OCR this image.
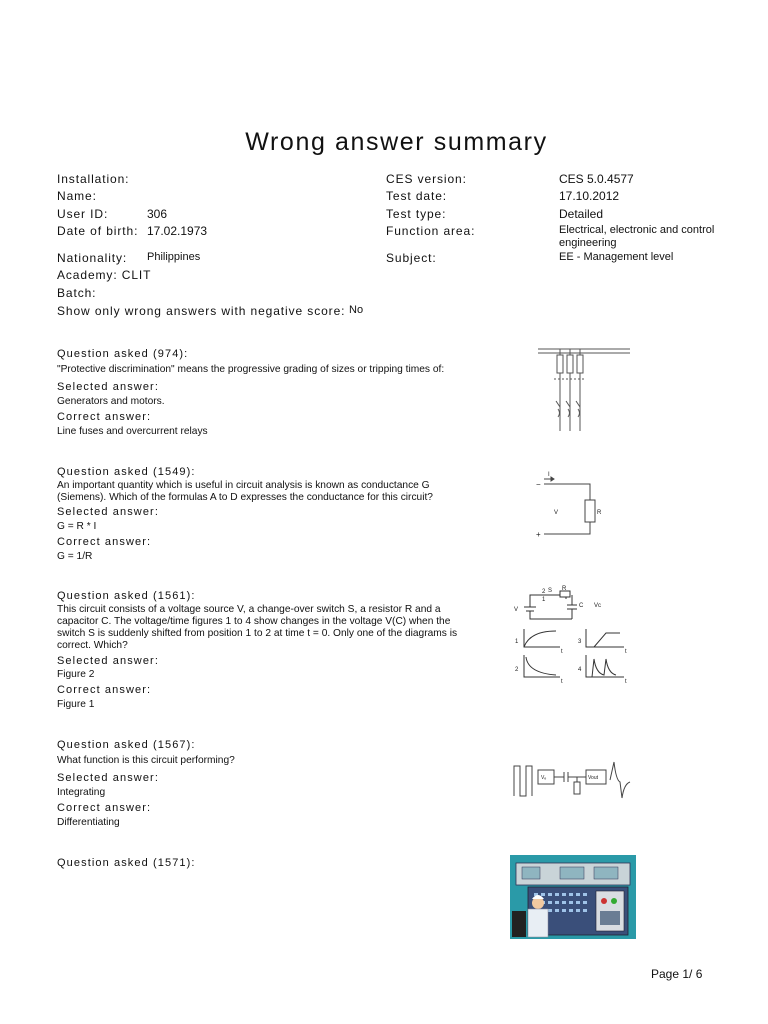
Wrong answer summary
Installation:
Name:
User ID:	306
Date of birth: 17.02.1973
Nationality: Philippines
Academy: CLIT
Batch:
Show only wrong answers with negative score: No
CES version:	CES 5.0.4577
Test date:	17.10.2012
Test type:	Detailed
Function area:	Electrical, electronic and control
engineering
Subject:	EE - Management level
Question asked (974):
"Protective discrimination" means the progressive grading of sizes or tripping times of:
Selected answer:
Generators and motors.
Correct answer:
Line fuses and overcurrent relays
Question asked (1549):
An important quantity which is useful in circuit analysis is known as conductance G
(Siemens). Which of the formulas A to D expresses the conductance for this circuit?
Selected answer:
G = R * I
Correct answer:
G = 1/R
I
V	R
−
+
Question asked (1561):
This circuit consists of a voltage source V, a change-over switch S, a resistor R and a
capacitor C. The voltage/time figures 1 to 4 show changes in the voltage V(C) when the
switch S is suddenly shifted from position 1 to 2 at time t = 0. Only one of the diagrams is
correct. Which?
Selected answer:
Figure 2
Correct answer:
Figure 1
V
C Vc
R
S
2
1
1
2
3
4
t	t
t	t
Question asked (1567):
What function is this circuit performing?
Selected answer:
Integrating
Correct answer:
Differentiating
Vₑ	Vout
Question asked (1571):
Page 1/ 6
